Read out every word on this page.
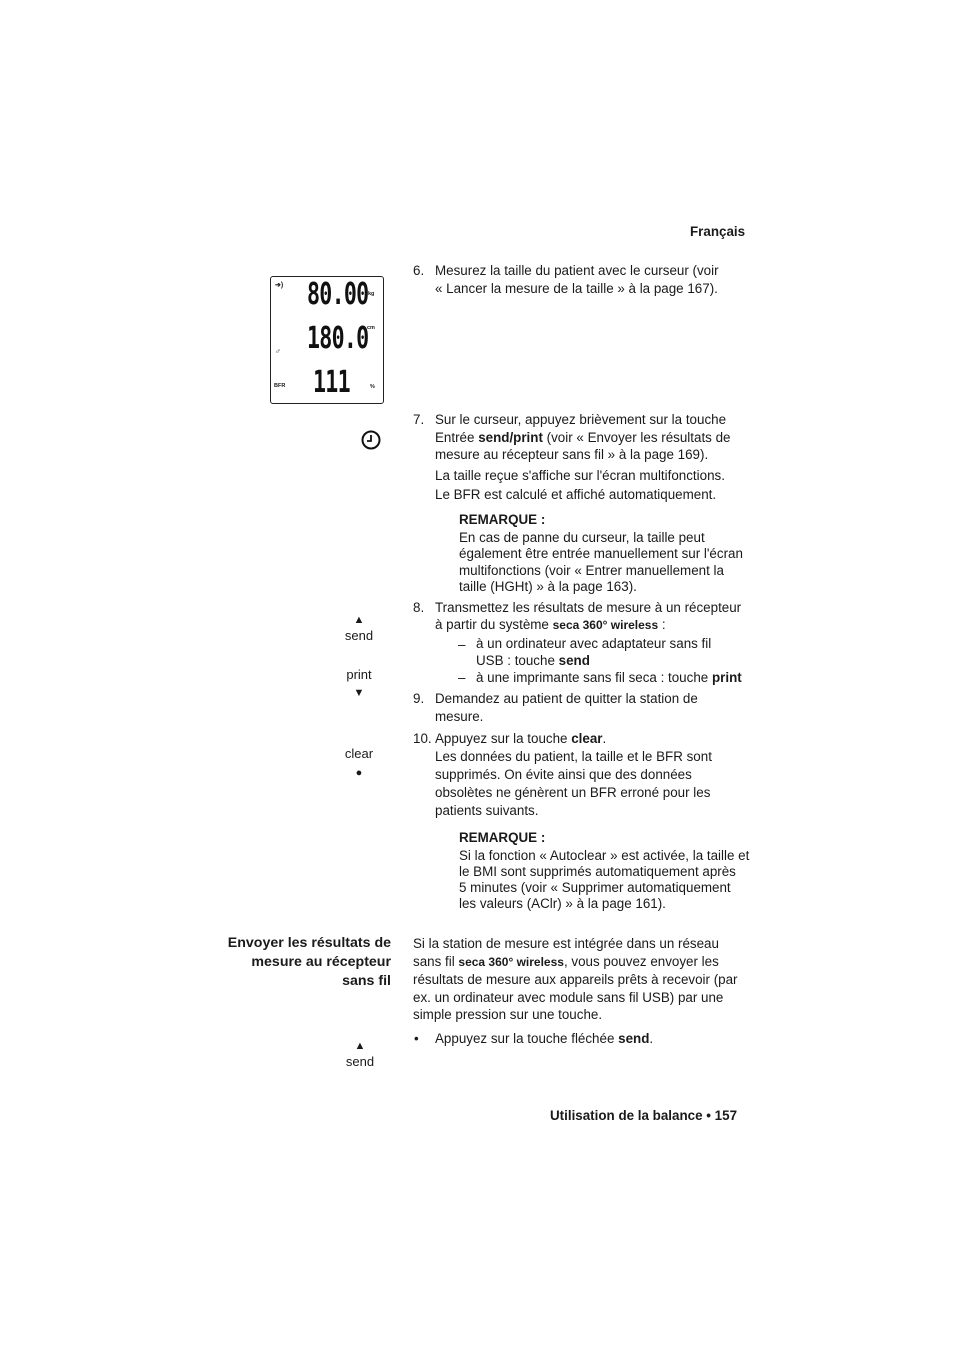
Français
➔) 80.00 kg
180.0
cm
♂
BFR 111	%
6. Mesurez la taille du patient avec le curseur (voir
« Lancer la mesure de la taille » à la page 167).
7. Sur le curseur, appuyez brièvement sur la touche
Entrée send/print (voir « Envoyer les résultats de
mesure au récepteur sans fil » à la page 169).
La taille reçue s'affiche sur l'écran multifonctions.
Le BFR est calculé et affiché automatiquement.
REMARQUE :
En cas de panne du curseur, la taille peut
également être entrée manuellement sur l'écran
multifonctions (voir « Entrer manuellement la
taille (HGHt) » à la page 163).
8. Transmettez les résultats de mesure à un récepteur
à partir du système seca 360° wireless :
– à un ordinateur avec adaptateur sans fil
USB : touche send
– à une imprimante sans fil seca : touche print
9. Demandez au patient de quitter la station de
mesure.
10. Appuyez sur la touche clear.
Les données du patient, la taille et le BFR sont
supprimés. On évite ainsi que des données
obsolètes ne génèrent un BFR erroné pour les
patients suivants.
REMARQUE :
Si la fonction « Autoclear » est activée, la taille et
le BMI sont supprimés automatiquement après
5 minutes (voir « Supprimer automatiquement
les valeurs (AClr) » à la page 161).
Envoyer les résultats de
mesure au récepteur
sans fil
Si la station de mesure est intégrée dans un réseau
sans fil seca 360° wireless, vous pouvez envoyer les
résultats de mesure aux appareils prêts à recevoir (par
ex. un ordinateur avec module sans fil USB) par une
simple pression sur une touche.
• Appuyez sur la touche fléchée send.
▲
send
print
▼
clear
●
▲
send
Utilisation de la balance • 157
